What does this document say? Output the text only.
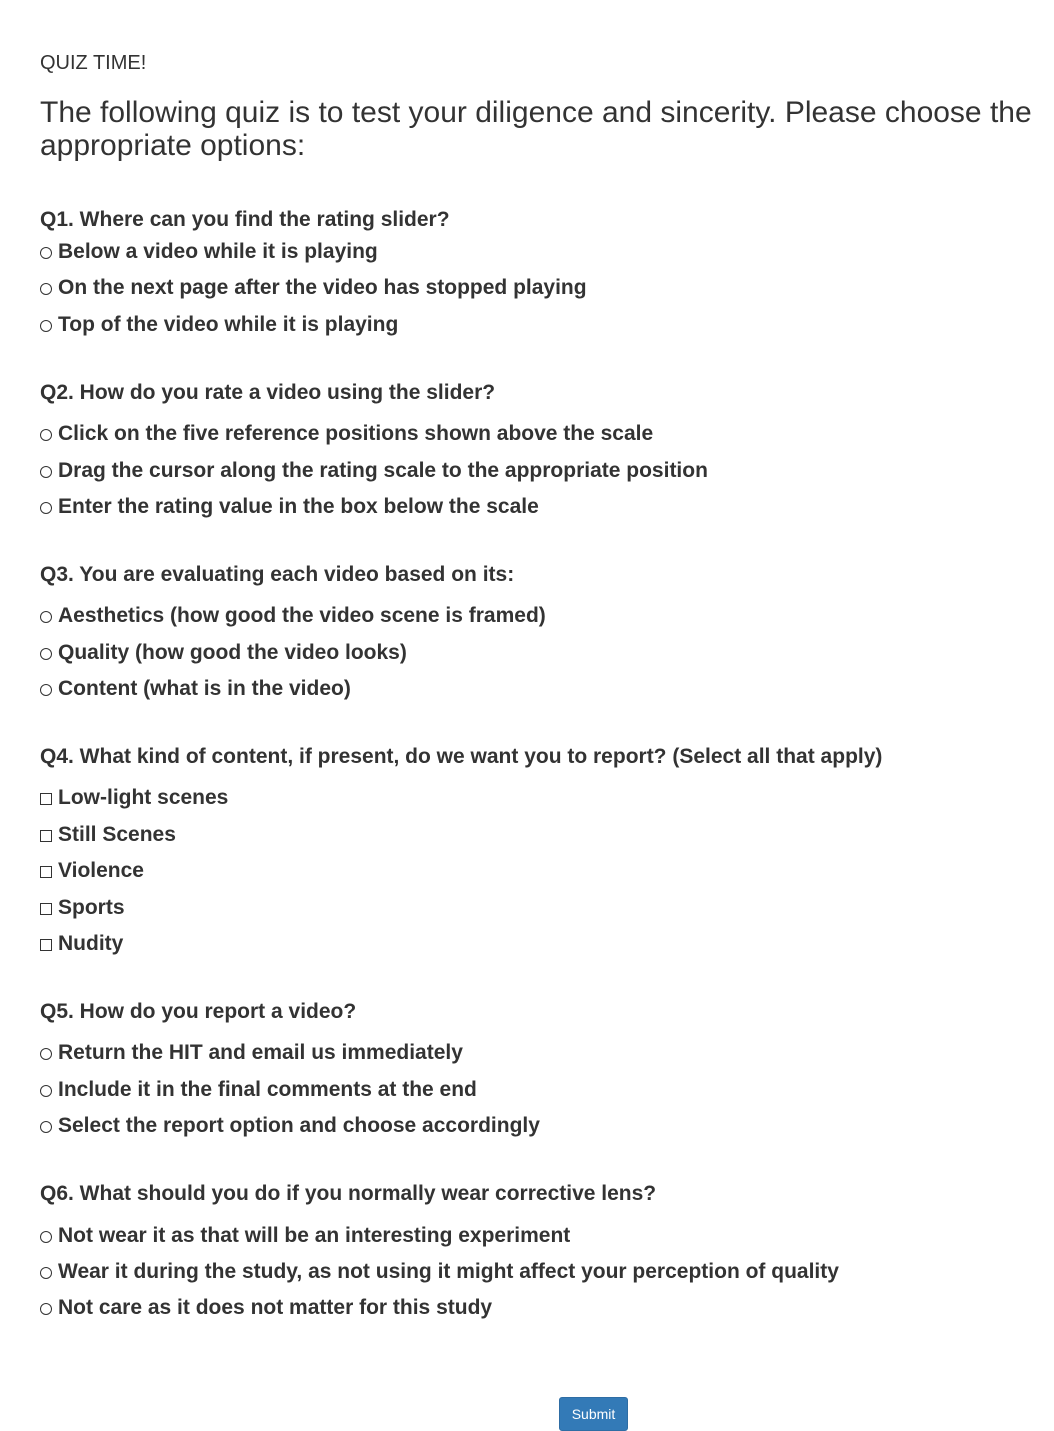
QUIZ TIME!
The following quiz is to test your diligence and sincerity. Please choose the appropriate options:
Q1. Where can you find the rating slider?
Below a video while it is playing
On the next page after the video has stopped playing
Top of the video while it is playing
Q2. How do you rate a video using the slider?
Click on the five reference positions shown above the scale
Drag the cursor along the rating scale to the appropriate position
Enter the rating value in the box below the scale
Q3. You are evaluating each video based on its:
Aesthetics (how good the video scene is framed)
Quality (how good the video looks)
Content (what is in the video)
Q4. What kind of content, if present, do we want you to report? (Select all that apply)
Low-light scenes
Still Scenes
Violence
Sports
Nudity
Q5. How do you report a video?
Return the HIT and email us immediately
Include it in the final comments at the end
Select the report option and choose accordingly
Q6. What should you do if you normally wear corrective lens?
Not wear it as that will be an interesting experiment
Wear it during the study, as not using it might affect your perception of quality
Not care as it does not matter for this study
Submit
